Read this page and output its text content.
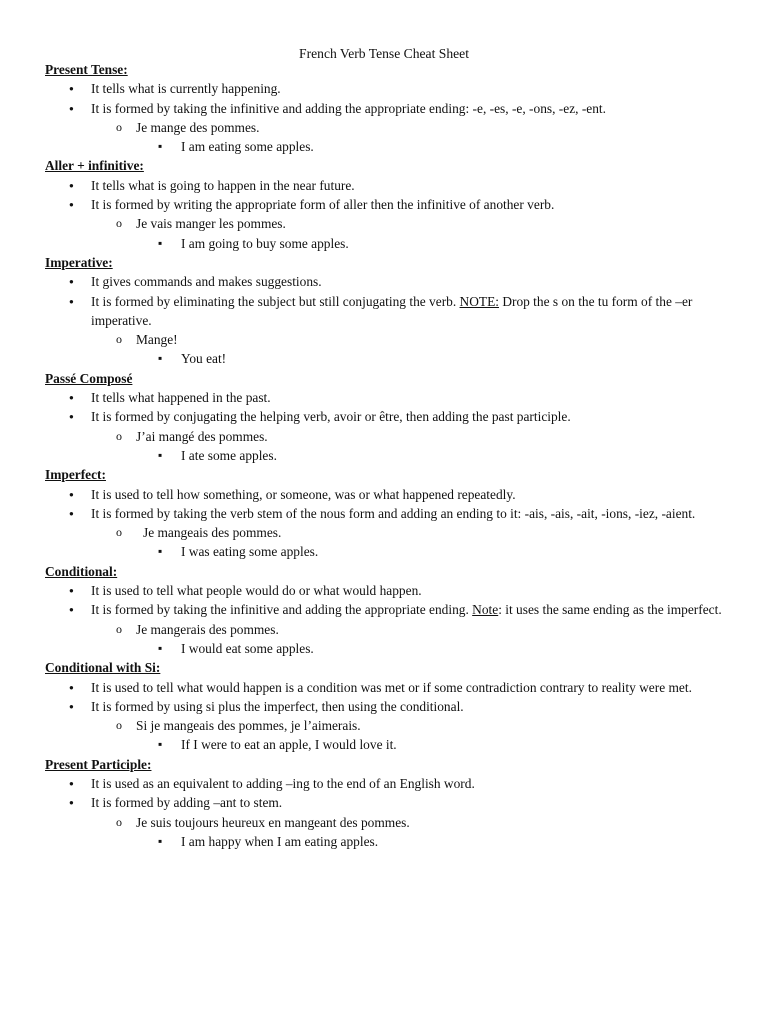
French Verb Tense Cheat Sheet
Present Tense:
● It tells what is currently happening.
● It is formed by taking the infinitive and adding the appropriate ending: -e, -es, -e, -ons, -ez, -ent.
o Je mange des pommes.
▪ I am eating some apples.
Aller + infinitive:
● It tells what is going to happen in the near future.
● It is formed by writing the appropriate form of aller then the infinitive of another verb.
o Je vais manger les pommes.
▪ I am going to buy some apples.
Imperative:
● It gives commands and makes suggestions.
● It is formed by eliminating the subject but still conjugating the verb. NOTE: Drop the s on the tu form of the –er imperative.
o Mange!
▪ You eat!
Passé Composé
● It tells what happened in the past.
● It is formed by conjugating the helping verb, avoir or être, then adding the past participle.
o J’ai mangé des pommes.
▪ I ate some apples.
Imperfect:
● It is used to tell how something, or someone, was or what happened repeatedly.
● It is formed by taking the verb stem of the nous form and adding an ending to it: -ais, -ais, -ait, -ions, -iez, -aient.
o Je mangeais des pommes.
▪ I was eating some apples.
Conditional:
● It is used to tell what people would do or what would happen.
● It is formed by taking the infinitive and adding the appropriate ending. Note: it uses the same ending as the imperfect.
o Je mangerais des pommes.
▪ I would eat some apples.
Conditional with Si:
● It is used to tell what would happen is a condition was met or if some contradiction contrary to reality were met.
● It is formed by using si plus the imperfect, then using the conditional.
o Si je mangeais des pommes, je l’aimerais.
▪ If I were to eat an apple, I would love it.
Present Participle:
● It is used as an equivalent to adding –ing to the end of an English word.
● It is formed by adding –ant to stem.
o Je suis toujours heureux en mangeant des pommes.
▪ I am happy when I am eating apples.
